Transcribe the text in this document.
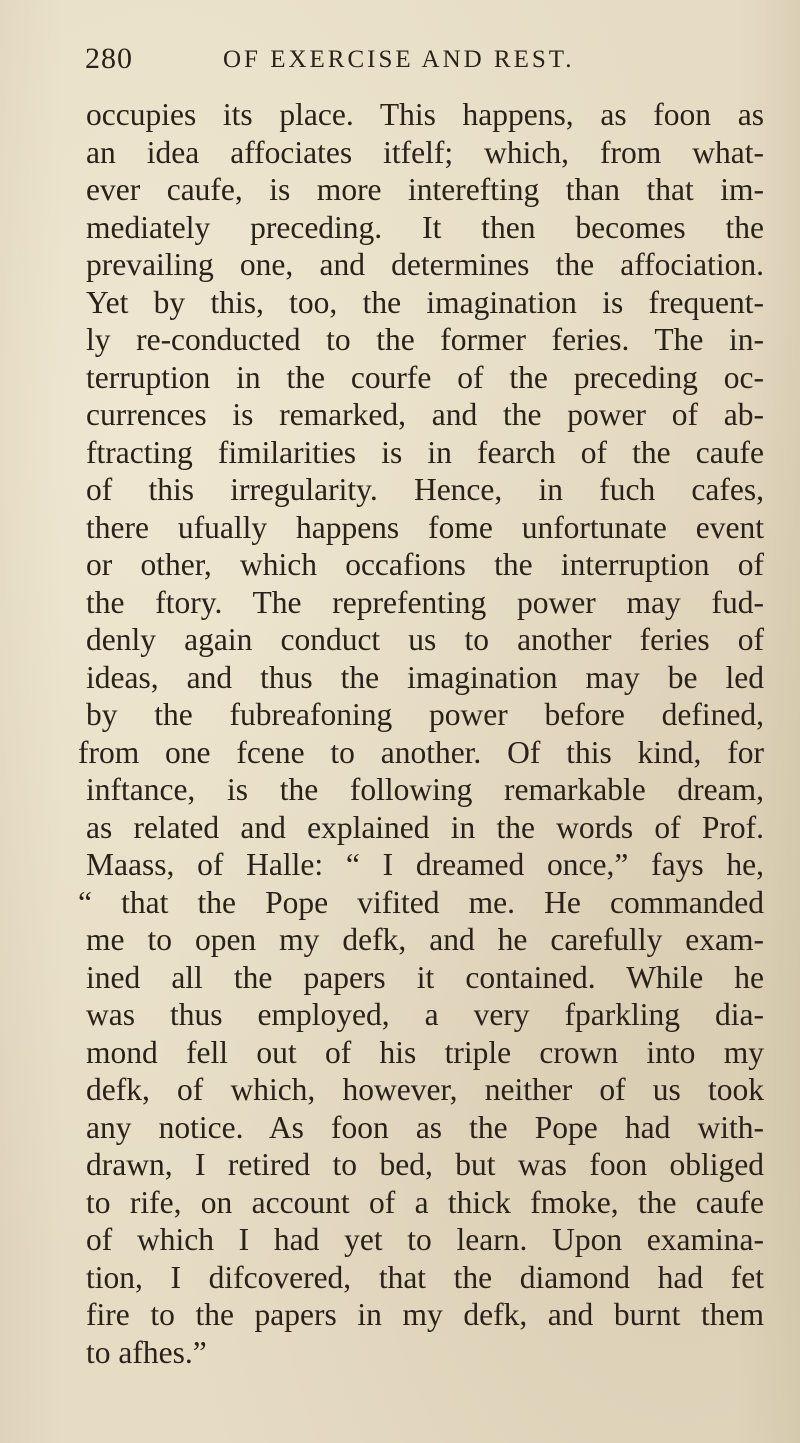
280	OF EXERCISE AND REST.
occupies its place. This happens, as foon as
an idea affociates itfelf; which, from what-
ever caufe, is more interefting than that im-
mediately preceding. It then becomes the
prevailing one, and determines the affociation.
Yet by this, too, the imagination is frequent-
ly re-conducted to the former feries. The in-
terruption in the courfe of the preceding oc-
currences is remarked, and the power of ab-
ftracting fimilarities is in fearch of the caufe
of this irregularity. Hence, in fuch cafes,
there ufually happens fome unfortunate event
or other, which occafions the interruption of
the ftory. The reprefenting power may fud-
denly again conduct us to another feries of
ideas, and thus the imagination may be led
by the fubreafoning power before defined,
from one fcene to another. Of this kind, for
inftance, is the following remarkable dream,
as related and explained in the words of Prof.
Maass, of Halle: “ I dreamed once,” fays he,
“ that the Pope vifited me. He commanded
me to open my defk, and he carefully exam-
ined all the papers it contained. While he
was thus employed, a very fparkling dia-
mond fell out of his triple crown into my
defk, of which, however, neither of us took
any notice. As foon as the Pope had with-
drawn, I retired to bed, but was foon obliged
to rife, on account of a thick fmoke, the caufe
of which I had yet to learn. Upon examina-
tion, I difcovered, that the diamond had fet
fire to the papers in my defk, and burnt them
to afhes.”
